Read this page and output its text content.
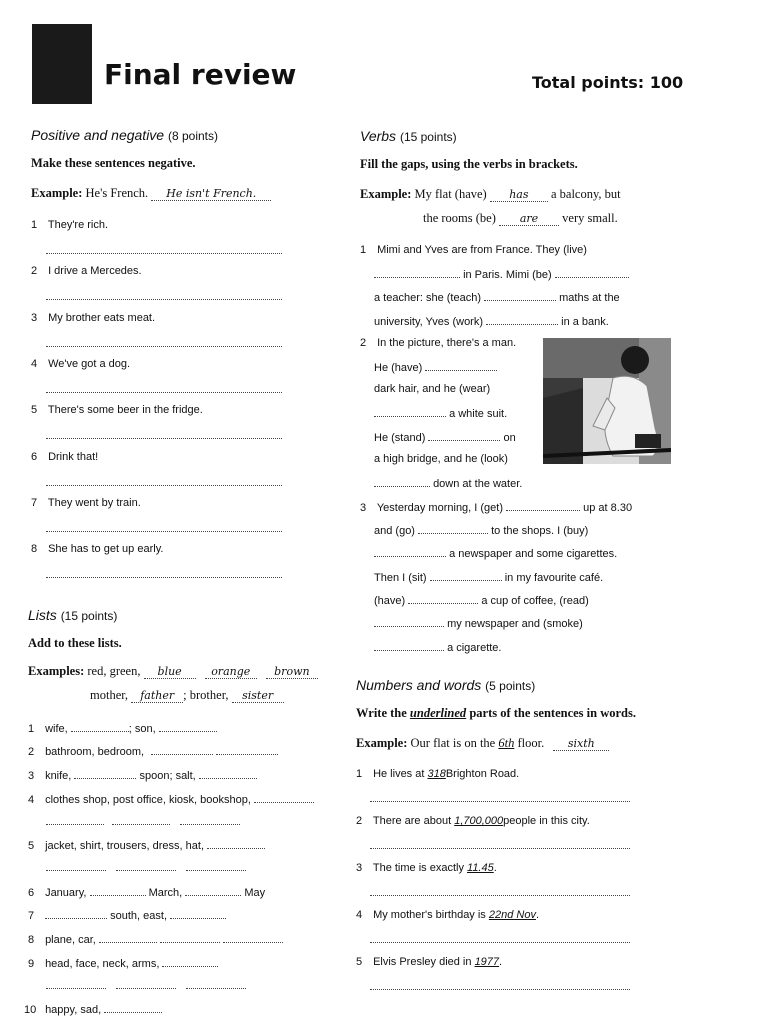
Final review	Total points: 100
Positive and negative (8 points)
Make these sentences negative.
Example: He's French. He isn't French.
1 They're rich.
2 I drive a Mercedes.
3 My brother eats meat.
4 We've got a dog.
5 There's some beer in the fridge.
6 Drink that!
7 They went by train.
8 She has to get up early.
Lists (15 points)
Add to these lists.
Examples: red, green, blue	orange brown
mother, father ; brother, sister
1 wife,	; son,
2 bathroom, bedroom,
3 knife,	spoon; salt,
4 clothes shop, post office, kiosk, bookshop,
5 jacket, shirt, trousers, dress, hat,
6 January,	March,	May
7	south, east,
8 plane, car,
9 head, face, neck, arms,
10 happy, sad,
Verbs (15 points)
Fill the gaps, using the verbs in brackets.
Example: My flat (have) has a balcony, but
the rooms (be) are very small.
1 Mimi and Yves are from France. They (live)
in Paris. Mimi (be)
a teacher: she (teach)	maths at the
university, Yves (work)	in a bank.
2 In the picture, there's a man.
He (have)
dark hair, and he (wear)
a white suit.
He (stand)	on
a high bridge, and he (look)
down at the water.
3 Yesterday morning, I (get)	up at 8.30
and (go)	to the shops. I (buy)
a newspaper and some cigarettes.
Then I (sit)	in my favourite café.
(have)	a cup of coffee, (read)
my newspaper and (smoke)
a cigarette.
Numbers and words (5 points)
Write the underlined parts of the sentences in words.
Example: Our flat is on the 6th floor. sixth
1 He lives at 318Brighton Road.
2 There are about 1,700,000people in this city.
3 The time is exactly 11.45.
4 My mother's birthday is 22nd Nov.
5 Elvis Presley died in 1977.
